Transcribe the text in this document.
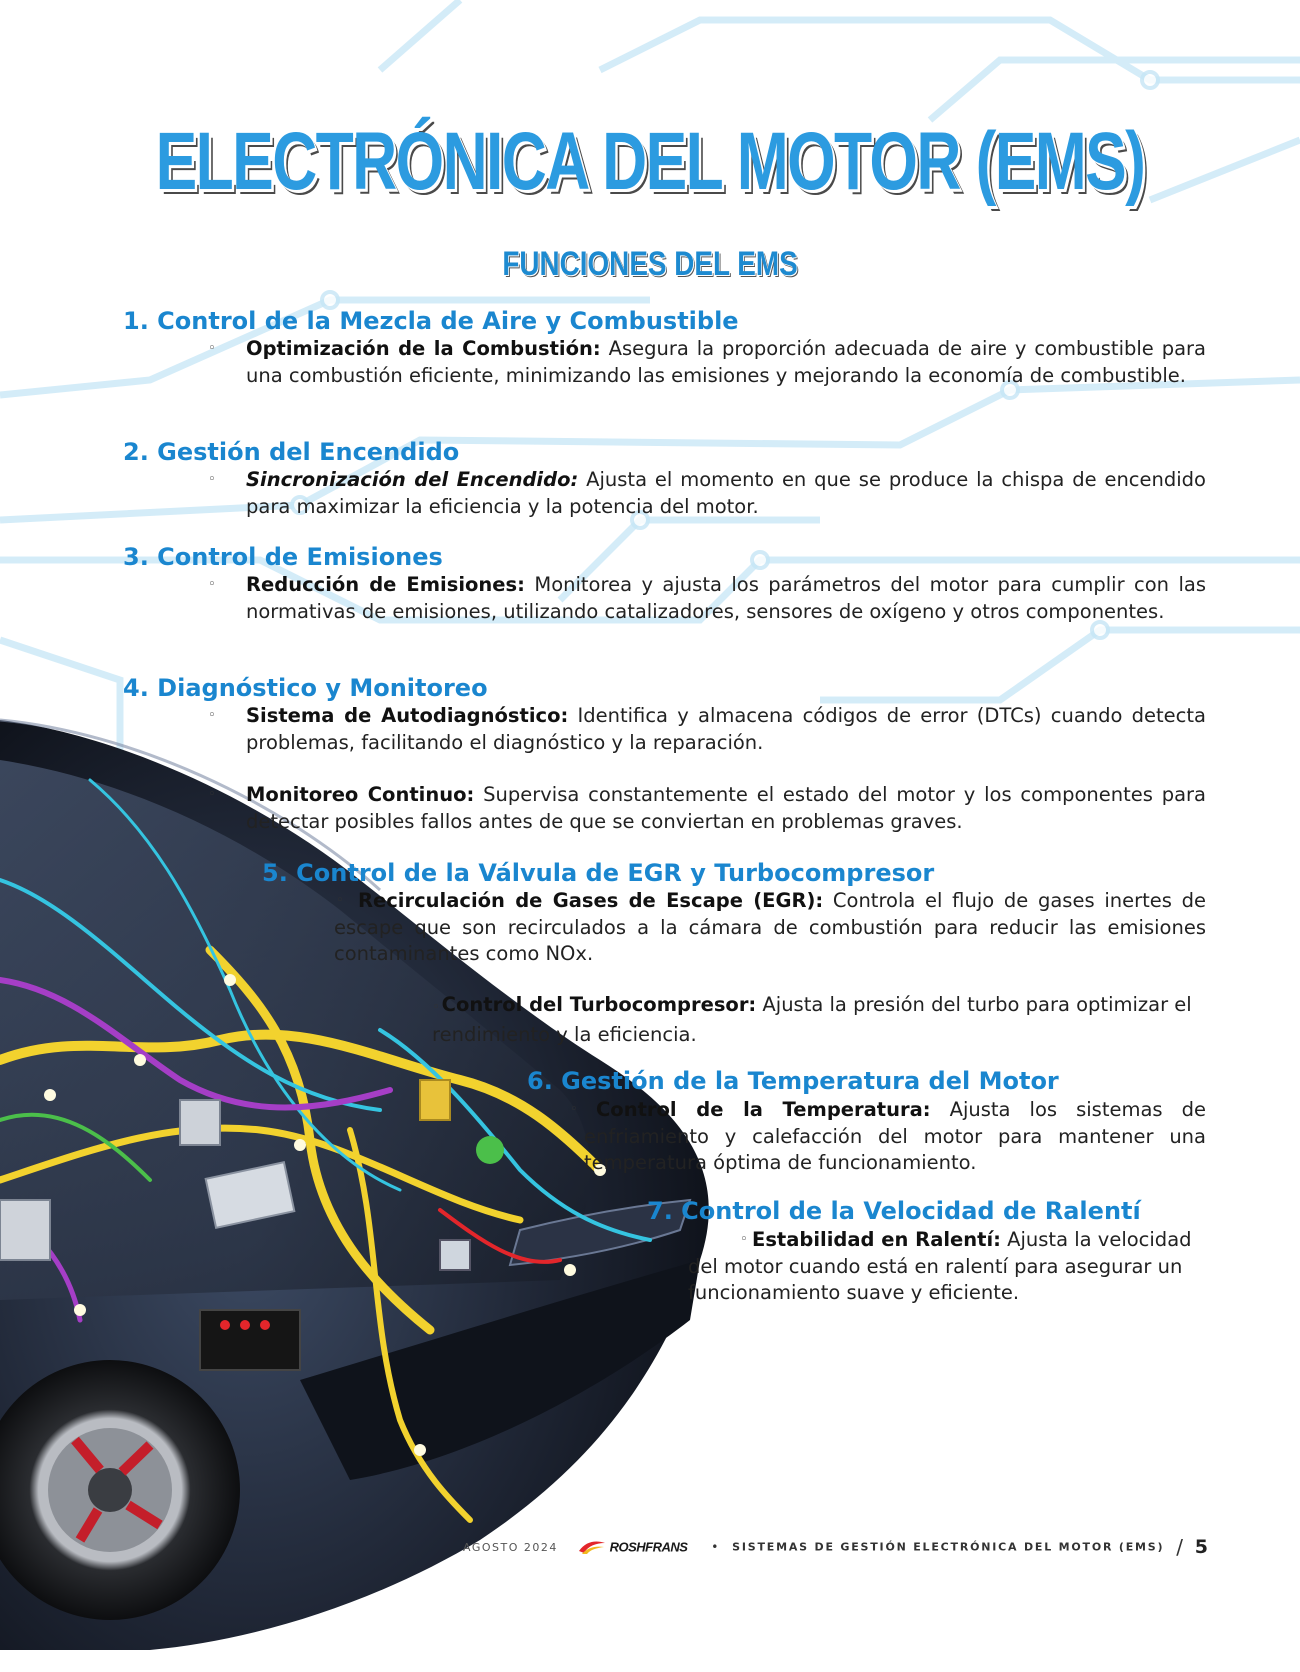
ELECTRÓNICA DEL MOTOR (EMS)
FUNCIONES DEL EMS
1. Control de la Mezcla de Aire y Combustible

◦ Optimización de la Combustión: Asegura la proporción adecuada de aire y combustible para una combustión eficiente, minimizando las emisiones y mejorando la economía de combustible.

2. Gestión del Encendido

◦ Sincronización del Encendido: Ajusta el momento en que se produce la chispa de encendido para maximizar la eficiencia y la potencia del motor.

3. Control de Emisiones

◦ Reducción de Emisiones: Monitorea y ajusta los parámetros del motor para cumplir con las normativas de emisiones, utilizando catalizadores, sensores de oxígeno y otros componentes.

4. Diagnóstico y Monitoreo

◦ Sistema de Autodiagnóstico: Identifica y almacena códigos de error (DTCs) cuando detecta problemas, facilitando el diagnóstico y la reparación.

◦ Monitoreo Continuo: Supervisa constantemente el estado del motor y los componentes para detectar posibles fallos antes de que se conviertan en problemas graves.

5. Control de la Válvula de EGR y Turbocompresor

◦ Recirculación de Gases de Escape (EGR): Controla el flujo de gases inertes de escape que son recirculados a la cámara de combustión para reducir las emisiones contaminantes como NOx.

◦ Control del Turbocompresor: Ajusta la presión del turbo para optimizar el rendimiento y la eficiencia.

6. Gestión de la Temperatura del Motor

◦ Control de la Temperatura: Ajusta los sistemas de enfriamiento y calefacción del motor para mantener una temperatura óptima de funcionamiento.

7. Control de la Velocidad de Ralentí

◦ Estabilidad en Ralentí: Ajusta la velocidad del motor cuando está en ralentí para asegurar un funcionamiento suave y eficiente.

AGOSTO 2024	ROSHFRANS • SISTEMAS DE GESTIÓN ELECTRÓNICA DEL MOTOR (EMS) / 5
